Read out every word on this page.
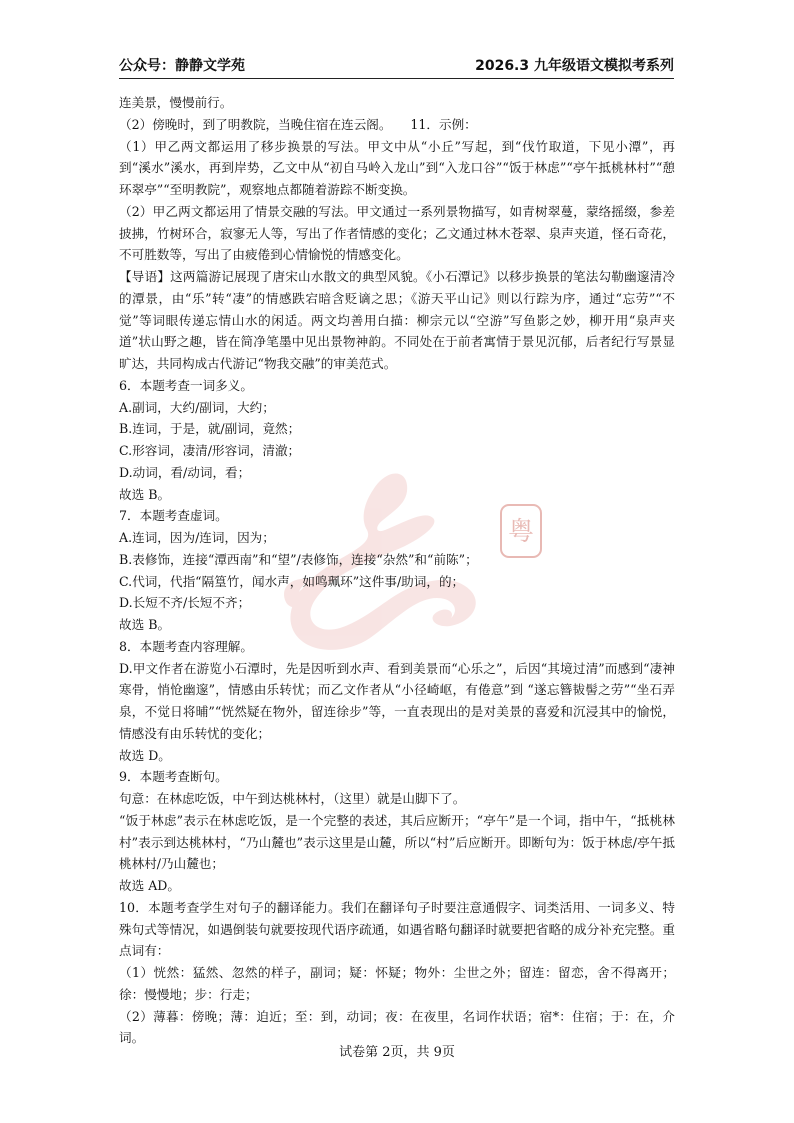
公众号：静静文学苑	2026.3 九年级语文模拟考系列
粤

连美景，慢慢前行。

（2）傍晚时，到了明教院，当晚住宿在连云阁。　　11．示例：

（1）甲乙两文都运用了移步换景的写法。甲文中从“小丘”写起，到“伐竹取道，下见小潭”，再到“溪水”溪水，再到岸势，乙文中从“初自马岭入龙山”到“入龙口谷”“饭于林虑”“亭午抵桃林村”“憩环翠亭”“至明教院”，观察地点都随着游踪不断变换。

（2）甲乙两文都运用了情景交融的写法。甲文通过一系列景物描写，如青树翠蔓，蒙络摇缀，参差披拂，竹树环合，寂寥无人等，写出了作者情感的变化；乙文通过林木苍翠、泉声夹道，怪石奇花，不可胜数等，写出了由疲倦到心情愉悦的情感变化。

【导语】这两篇游记展现了唐宋山水散文的典型风貌。《小石潭记》以移步换景的笔法勾勒幽邃清冷的潭景，由“乐”转“凄”的情感跌宕暗含贬谪之思；《游天平山记》则以行踪为序，通过“忘劳”“不觉”等词眼传递忘情山水的闲适。两文均善用白描：柳宗元以“空游”写鱼影之妙，柳开用“泉声夹道”状山野之趣，皆在简净笔墨中见出景物神韵。不同处在于前者寓情于景见沉郁，后者纪行写景显旷达，共同构成古代游记“物我交融”的审美范式。

6．本题考查一词多义。

A.副词，大约/副词，大约；

B.连词，于是，就/副词，竟然；

C.形容词，凄清/形容词，清澈；

D.动词，看/动词，看；

故选 B。

7．本题考查虚词。

A.连词，因为/连词，因为；

B.表修饰，连接“潭西南”和“望”/表修饰，连接“杂然”和“前陈”；

C.代词，代指“隔篁竹，闻水声，如鸣珮环”这件事/助词，的；

D.长短不齐/长短不齐；

故选 B。

8．本题考查内容理解。

D.甲文作者在游览小石潭时，先是因听到水声、看到美景而“心乐之”，后因“其境过清”而感到“凄神寒骨，悄怆幽邃”，情感由乐转忧；而乙文作者从“小径崎岖，有倦意”到 “遂忘簪韨髻之劳”“坐石弄泉，不觉日将晡”“恍然疑在物外，留连徐步”等，一直表现出的是对美景的喜爱和沉浸其中的愉悦，情感没有由乐转忧的变化；

故选 D。

9．本题考查断句。

句意：在林虑吃饭，中午到达桃林村，（这里）就是山脚下了。

“饭于林虑”表示在林虑吃饭，是一个完整的表述，其后应断开；“亭午”是一个词，指中午，“抵桃林村”表示到达桃林村，“乃山麓也”表示这里是山麓，所以“村”后应断开。即断句为：饭于林虑/亭午抵桃林村/乃山麓也；

故选 AD。

10．本题考查学生对句子的翻译能力。我们在翻译句子时要注意通假字、词类活用、一词多义、特殊句式等情况，如遇倒装句就要按现代语序疏通，如遇省略句翻译时就要把省略的成分补充完整。重点词有：

（1）恍然：猛然、忽然的样子，副词；疑：怀疑；物外：尘世之外；留连：留恋，舍不得离开；徐：慢慢地；步：行走；

（2）薄暮：傍晚；薄：迫近；至：到，动词；夜：在夜里，名词作状语；宿*：住宿；于：在，介词。

试卷第 2页，共 9页
